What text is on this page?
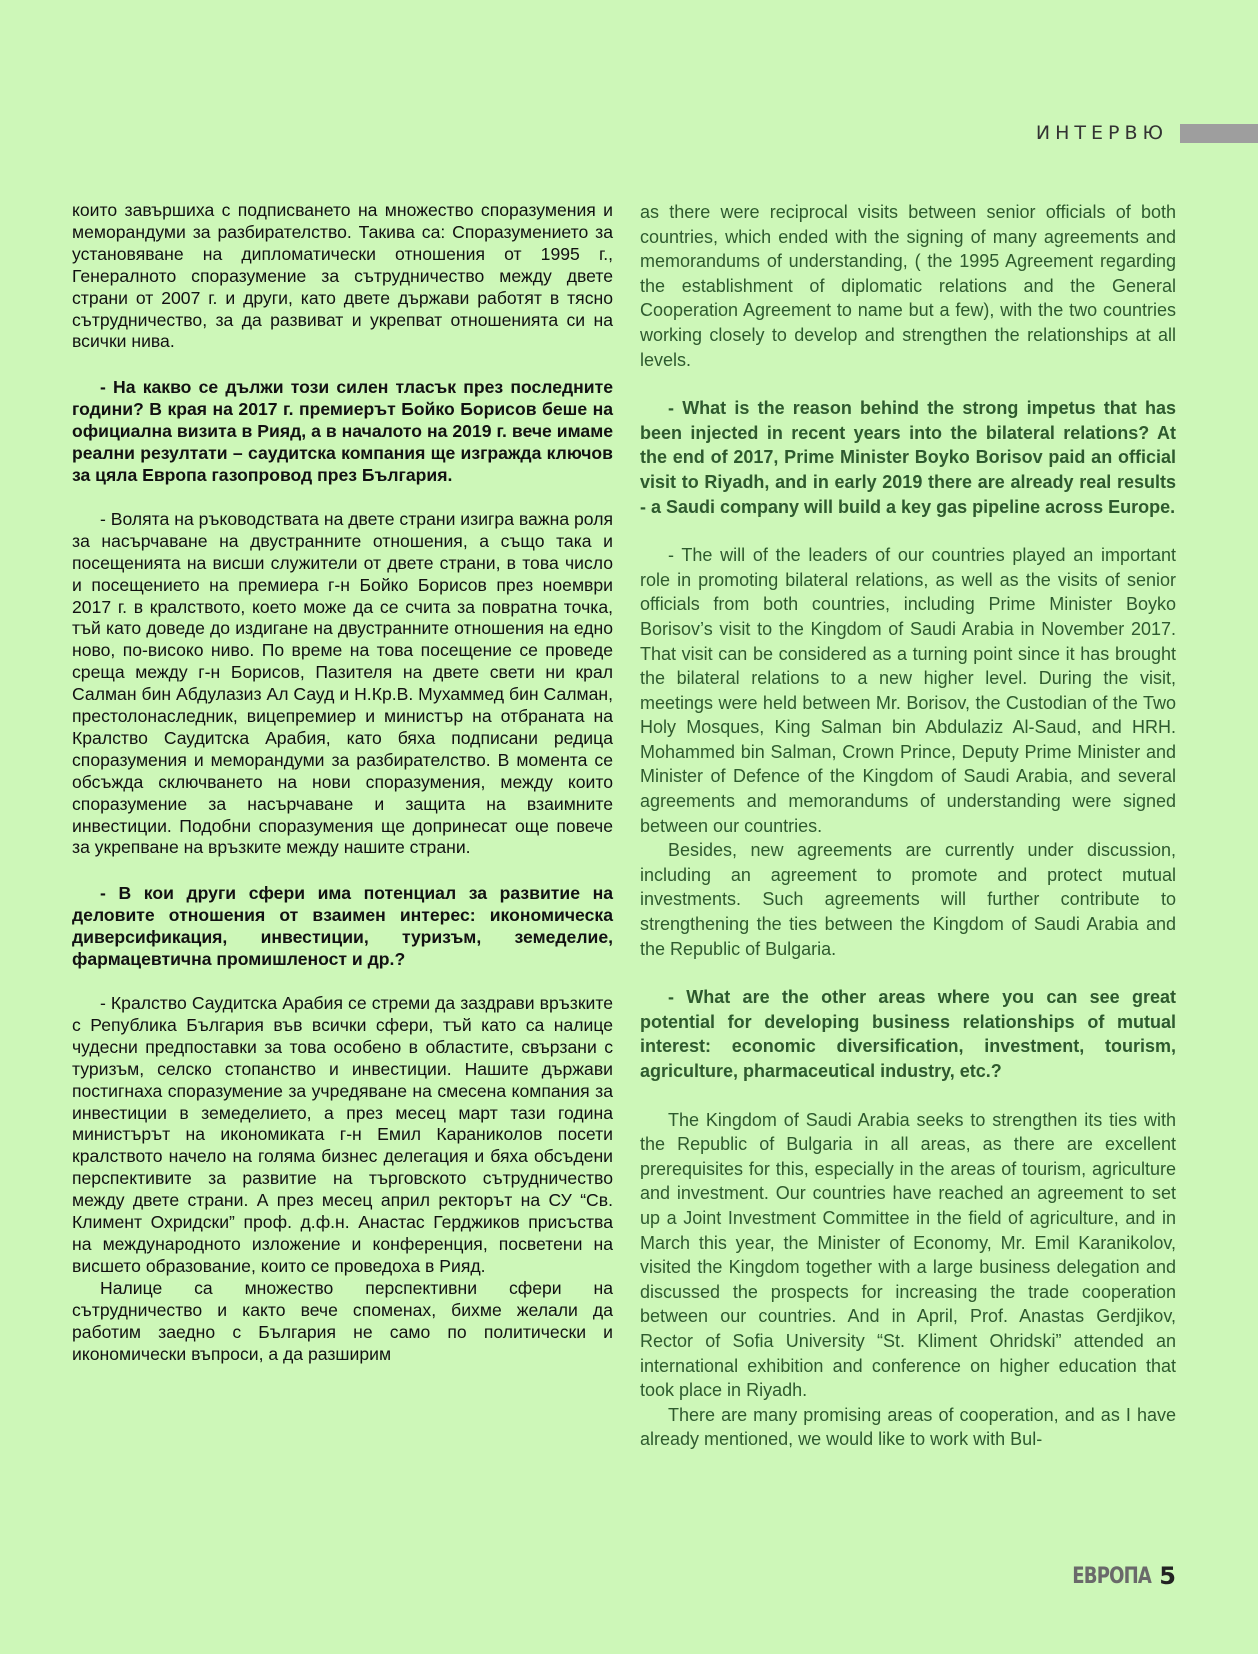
ИНТЕРВЮ

които завършиха с подписването на множество споразумения и меморандуми за разбирателство. Такива са: Споразумението за установяване на дипломатически отношения от 1995 г., Генералното споразумение за сътрудничество между двете страни от 2007 г. и други, като двете държави работят в тясно сътрудничество, за да развиват и укрепват отношенията си на всички нива.

- На какво се дължи този силен тласък през последните години? В края на 2017 г. премиерът Бойко Борисов беше на официална визита в Рияд, а в началото на 2019 г. вече имаме реални резултати – саудитска компания ще изгражда ключов за цяла Европа газопровод през България.

- Волята на ръководствата на двете страни изигра важна роля за насърчаване на двустранните отношения, а също така и посещенията на висши служители от двете страни, в това число и посещението на премиера г-н Бойко Борисов през ноември 2017 г. в кралството, което може да се счита за повратна точка, тъй като доведе до издигане на двустранните отношения на едно ново, по-високо ниво. По време на това посещение се проведе среща между г-н Борисов, Пазителя на двете свети ни крал Салман бин Абдулазиз Ал Сауд и Н.Кр.В. Мухаммед бин Салман, престолонаследник, вицепремиер и министър на отбраната на Кралство Саудитска Арабия, като бяха подписани редица споразумения и меморандуми за разбирателство. В момента се обсъжда сключването на нови споразумения, между които споразумение за насърчаване и защита на взаимните инвестиции. Подобни споразумения ще допринесат още повече за укрепване на връзките между нашите страни.

- В кои други сфери има потенциал за развитие на деловите отношения от взаимен интерес: икономическа диверсификация, инвестиции, туризъм, земеделие, фармацевтична промишленост и др.?

- Кралство Саудитска Арабия се стреми да заздрави връзките с Република България във всички сфери, тъй като са налице чудесни предпоставки за това особено в областите, свързани с туризъм, селско стопанство и инвестиции. Нашите държави постигнаха споразумение за учредяване на смесена компания за инвестиции в земеделието, а през месец март тази година министърът на икономиката г-н Емил Караниколов посети кралството начело на голяма бизнес делегация и бяха обсъдени перспективите за развитие на търговското сътрудничество между двете страни. А през месец април ректорът на СУ “Св. Климент Охридски” проф. д.ф.н. Анастас Герджиков присъства на международното изложение и конференция, посветени на висшето образование, които се проведоха в Рияд.

Налице са множество перспективни сфери на сътрудничество и както вече споменах, бихме желали да работим заедно с България не само по политически и икономически въпроси, а да разширим

as there were reciprocal visits between senior officials of both countries, which ended with the signing of many agreements and memorandums of understanding, ( the 1995 Agreement regarding the establishment of diplomatic relations and the General Cooperation Agreement to name but a few), with the two countries working closely to develop and strengthen the relationships at all levels.

- What is the reason behind the strong impetus that has been injected in recent years into the bilateral relations? At the end of 2017, Prime Minister Boyko Borisov paid an official visit to Riyadh, and in early 2019 there are already real results - a Saudi company will build a key gas pipeline across Europe.

- The will of the leaders of our countries played an important role in promoting bilateral relations, as well as the visits of senior officials from both countries, including Prime Minister Boyko Borisov’s visit to the Kingdom of Saudi Arabia in November 2017. That visit can be considered as a turning point since it has brought the bilateral relations to a new higher level. During the visit, meetings were held between Mr. Borisov, the Custodian of the Two Holy Mosques, King Salman bin Abdulaziz Al-Saud, and HRH. Mohammed bin Salman, Crown Prince, Deputy Prime Minister and Minister of Defence of the Kingdom of Saudi Arabia, and several agreements and memorandums of understanding were signed between our countries.

Besides, new agreements are currently under discussion, including an agreement to promote and protect mutual investments. Such agreements will further contribute to strengthening the ties between the Kingdom of Saudi Arabia and the Republic of Bulgaria.

- What are the other areas where you can see great potential for developing business relationships of mutual interest: economic diversification, investment, tourism, agriculture, pharmaceutical industry, etc.?

The Kingdom of Saudi Arabia seeks to strengthen its ties with the Republic of Bulgaria in all areas, as there are excellent prerequisites for this, especially in the areas of tourism, agriculture and investment. Our countries have reached an agreement to set up a Joint Investment Committee in the field of agriculture, and in March this year, the Minister of Economy, Mr. Emil Karanikolov, visited the Kingdom together with a large business delegation and discussed the prospects for increasing the trade cooperation between our countries. And in April, Prof. Anastas Gerdjikov, Rector of Sofia University “St. Kliment Ohridski” attended an international exhibition and conference on higher education that took place in Riyadh.

There are many promising areas of cooperation, and as I have already mentioned, we would like to work with Bul-

ЕВРОПА 5
